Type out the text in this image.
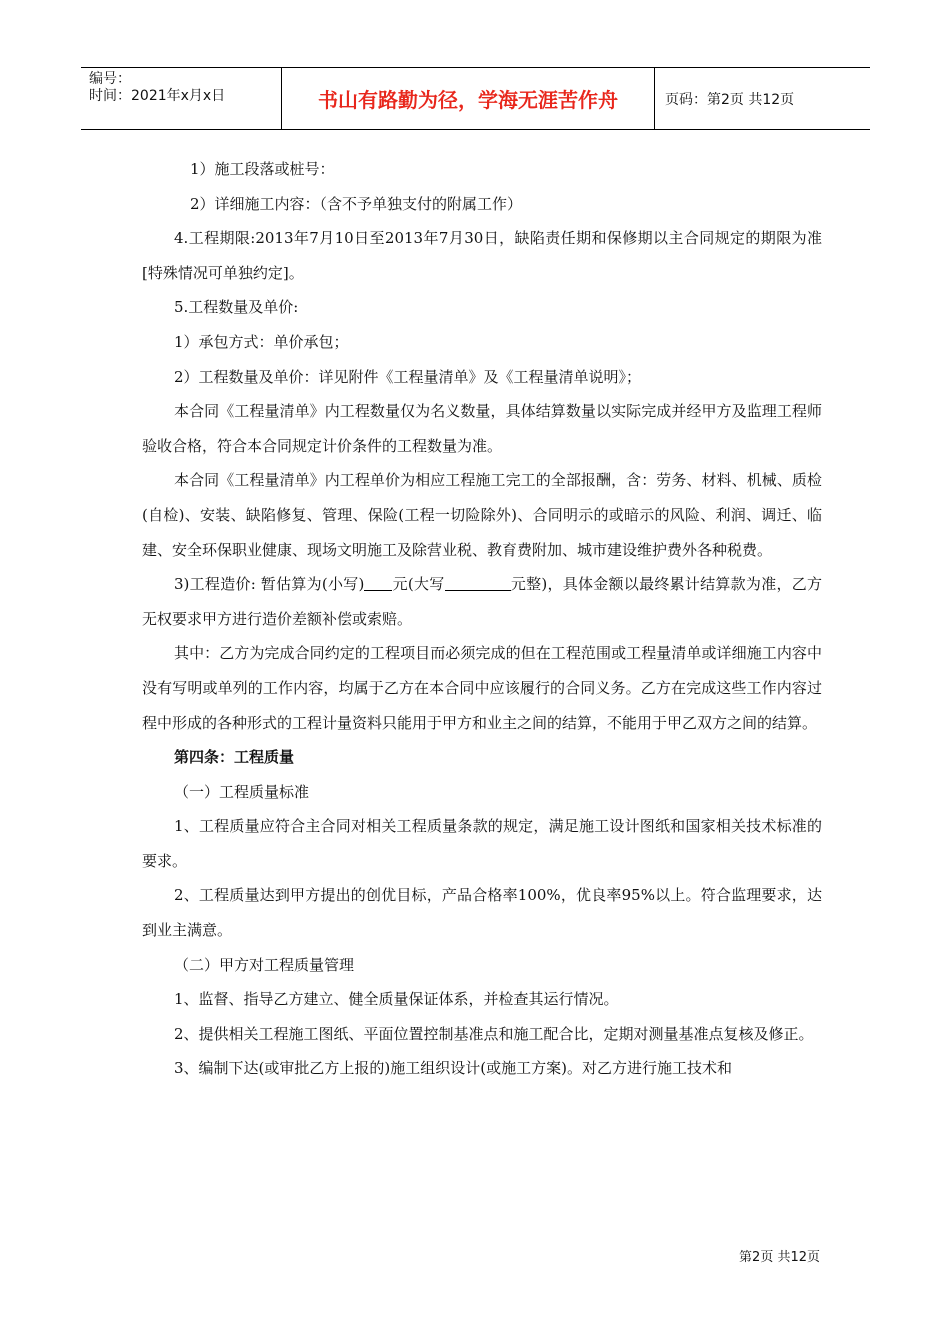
编号：
时间：2021年x月x日	书山有路勤为径，学海无涯苦作舟	页码：第2页 共12页

1）施工段落或桩号：

2）详细施工内容：（含不予单独支付的附属工作）

4.工程期限:2013年7月10日至2013年7月30日，缺陷责任期和保修期以主合同规定的期限为准[特殊情况可单独约定]。

5.工程数量及单价:

1）承包方式：单价承包；

2）工程数量及单价：详见附件《工程量清单》及《工程量清单说明》；

本合同《工程量清单》内工程数量仅为名义数量，具体结算数量以实际完成并经甲方及监理工程师验收合格，符合本合同规定计价条件的工程数量为准。

本合同《工程量清单》内工程单价为相应工程施工完工的全部报酬，含：劳务、材料、机械、质检(自检)、安装、缺陷修复、管理、保险(工程一切险除外)、合同明示的或暗示的风险、利润、调迁、临建、安全环保职业健康、现场文明施工及除营业税、教育费附加、城市建设维护费外各种税费。

3)工程造价: 暂估算为(小写) 元(大写	元整)，具体金额以最终累计结算款为准，乙方无权要求甲方进行造价差额补偿或索赔。

其中：乙方为完成合同约定的工程项目而必须完成的但在工程范围或工程量清单或详细施工内容中没有写明或单列的工作内容，均属于乙方在本合同中应该履行的合同义务。乙方在完成这些工作内容过程中形成的各种形式的工程计量资料只能用于甲方和业主之间的结算，不能用于甲乙双方之间的结算。

第四条：工程质量

（一）工程质量标准

1、工程质量应符合主合同对相关工程质量条款的规定，满足施工设计图纸和国家相关技术标准的要求。

2、工程质量达到甲方提出的创优目标，产品合格率100%，优良率95%以上。符合监理要求，达到业主满意。

（二）甲方对工程质量管理

1、监督、指导乙方建立、健全质量保证体系，并检查其运行情况。

2、提供相关工程施工图纸、平面位置控制基准点和施工配合比，定期对测量基准点复核及修正。

3、编制下达(或审批乙方上报的)施工组织设计(或施工方案)。对乙方进行施工技术和

第2页 共12页
